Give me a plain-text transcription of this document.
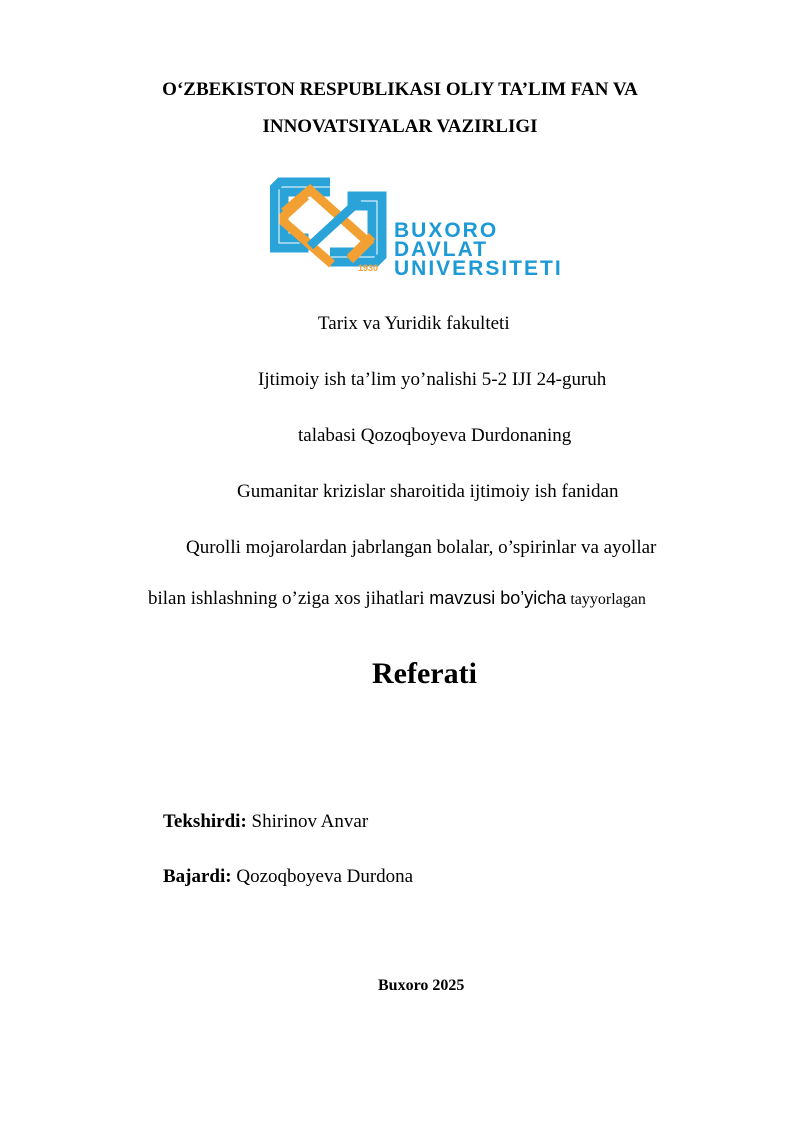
O‘ZBEKISTON RESPUBLIKASI OLIY TA’LIM FAN VA
INNOVATSIYALAR VAZIRLIGI
BUXORO
DAVLAT
1930 UNIVERSITETI
Tarix va Yuridik fakulteti
Ijtimoiy ish ta’lim yo’nalishi 5-2 IJI 24-guruh
talabasi Qozoqboyeva Durdonaning
Gumanitar krizislar sharoitida ijtimoiy ish fanidan
Qurolli mojarolardan jabrlangan bolalar, o’spirinlar va ayollar
bilan ishlashning o’ziga xos jihatlari mavzusi bo’yicha tayyorlagan
Referati
Tekshirdi: Shirinov Anvar
Bajardi: Qozoqboyeva Durdona
Buxoro 2025
